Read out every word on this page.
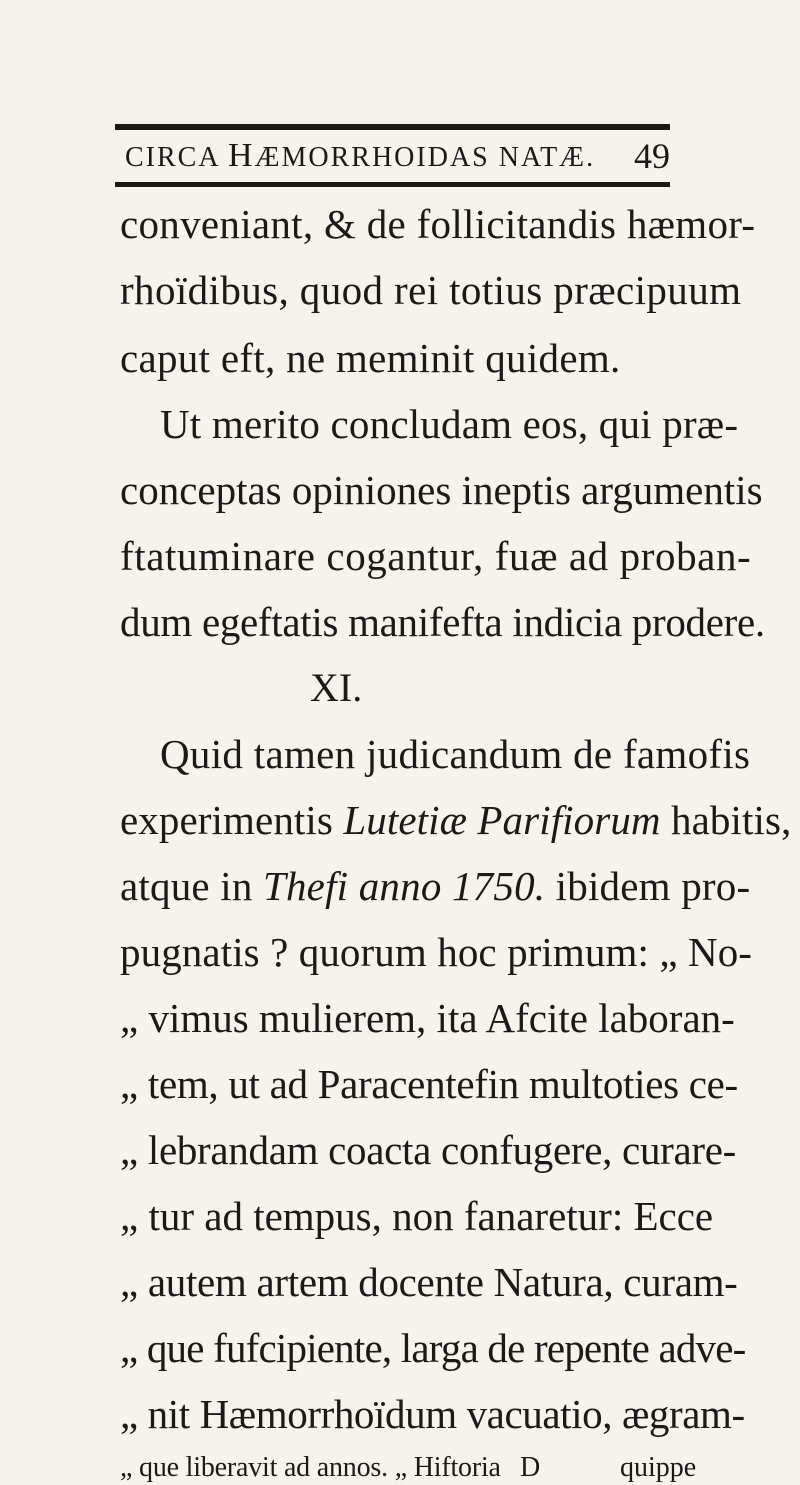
CIRCA HÆMORRHOIDAS NATÆ. 49
conveniant, & de follicitandis hæmor-
rhoïdibus, quod rei totius præcipuum
caput eft, ne meminit quidem.
Ut merito concludam eos, qui præ-
conceptas opiniones ineptis argumentis
ftatuminare cogantur, fuæ ad proban-
dum egeftatis manifefta indicia prodere.
XI.
Quid tamen judicandum de famofis
experimentis Lutetiæ Parifiorum habitis,
atque in Thefi anno 1750. ibidem pro-
pugnatis ? quorum hoc primum: „ No-
„ vimus mulierem, ita Afcite laboran-
„ tem, ut ad Paracentefin multoties ce-
„ lebrandam coacta confugere, curare-
„ tur ad tempus, non fanaretur: Ecce
„ autem artem docente Natura, curam-
„ que fufcipiente, larga de repente adve-
„ nit Hæmorrhoïdum vacuatio, ægram-
„ que liberavit ad annos. „ Hiftoria D	quippe
